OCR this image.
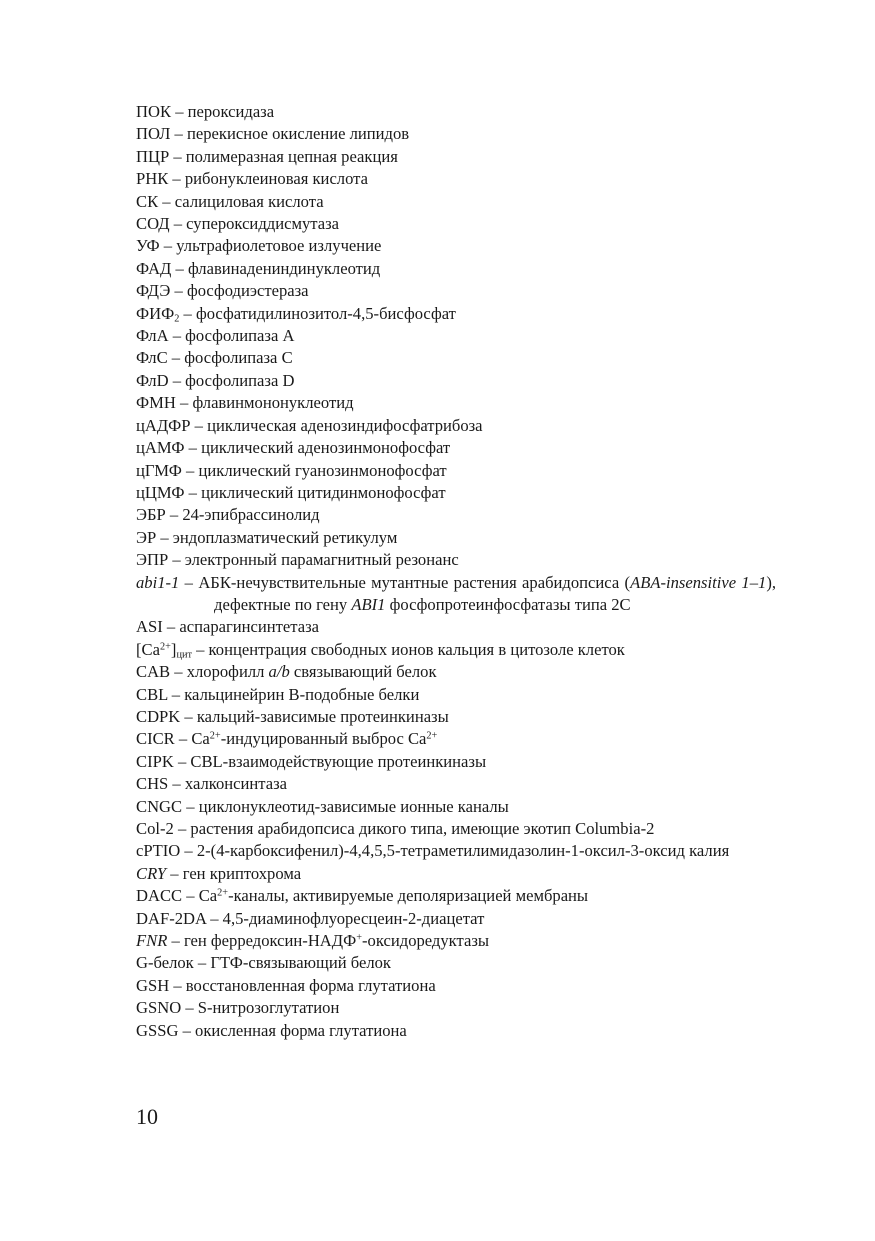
ПОК – пероксидаза
ПОЛ – перекисное окисление липидов
ПЦР – полимеразная цепная реакция
РНК – рибонуклеиновая кислота
СК – салициловая кислота
СОД – супероксиддисмутаза
УФ – ультрафиолетовое излучение
ФАД – флавинадениндинуклеотид
ФДЭ – фосфодиэстераза
$ФИФ_2$ – фосфатидилинозитол-4,5-бисфосфат
ФлА – фосфолипаза А
ФлС – фосфолипаза С
ФлD – фосфолипаза D
ФМН – флавинмононуклеотид
цАДФР – циклическая аденозиндифосфатрибоза
цАМФ – циклический аденозинмонофосфат
цГМФ – циклический гуанозинмонофосфат
цЦМФ – циклический цитидинмонофосфат
ЭБР – 24-эпибрассинолид
ЭР – эндоплазматический ретикулум
ЭПР – электронный парамагнитный резонанс
abi1-1 – АБК-нечувствительные мутантные растения арабидопсиса (ABA-insensitive 1–1), дефектные по гену ABI1 фосфопротеинфосфатазы типа 2С
ASI – аспарагинсинтетаза
$[Ca^{2+}]_{цит}$ – концентрация свободных ионов кальция в цитозоле клеток
CAB – хлорофилл a/b связывающий белок
CBL – кальцинейрин В-подобные белки
CDPK – кальций-зависимые протеинкиназы
CICR – $Ca^{2+}$-индуцированный выброс $Ca^{2+}$
CIPK – CBL-взаимодействующие протеинкиназы
CHS – халконсинтаза
CNGC – циклонуклеотид-зависимые ионные каналы
Col-2 – растения арабидопсиса дикого типа, имеющие экотип Columbia-2
cPTIO – 2-(4-карбоксифенил)-4,4,5,5-тетраметилимидазолин-1-оксил-3-оксид калия
CRY – ген криптохрома
DACC – $Ca^{2+}$-каналы, активируемые деполяризацией мембраны
DAF-2DA – 4,5-диаминофлуоресцеин-2-диацетат
FNR – ген ферредоксин-НАДФ+-оксидоредуктазы
G-белок – ГТФ-связывающий белок
GSH – восстановленная форма глутатиона
GSNO – S-нитрозоглутатион
GSSG – окисленная форма глутатиона
10
